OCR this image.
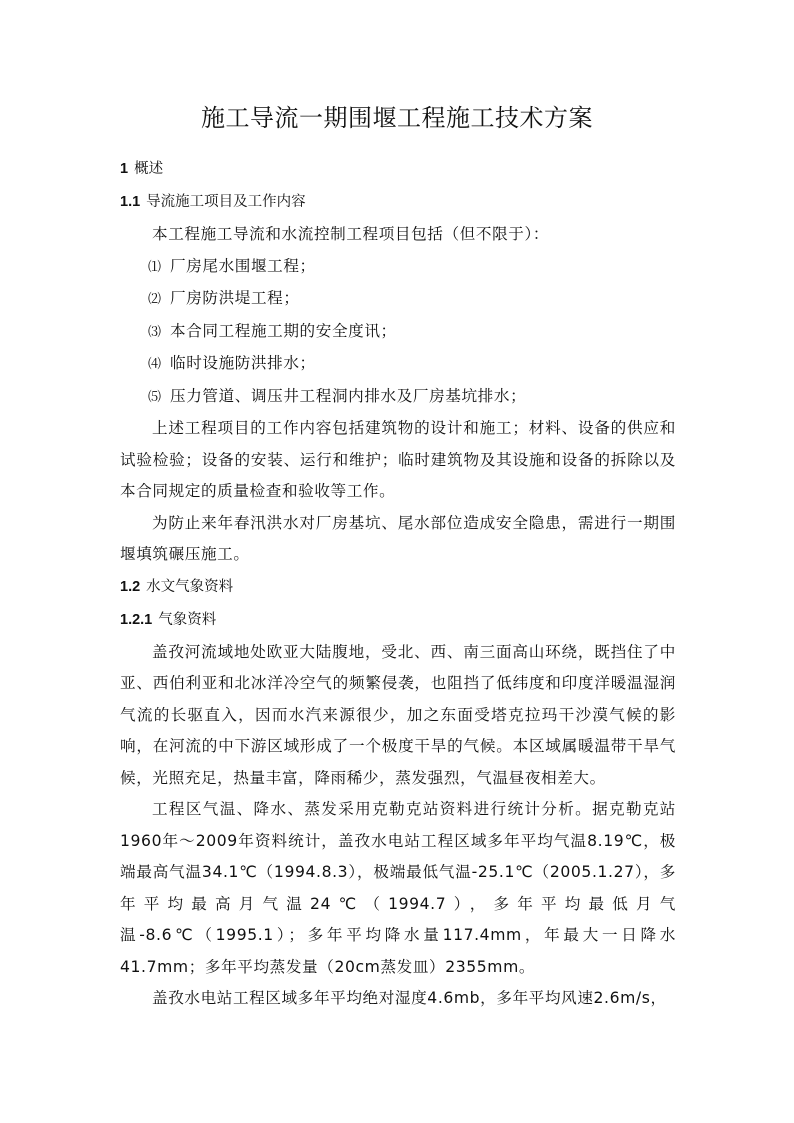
施工导流一期围堰工程施工技术方案
1 概述
1.1 导流施工项目及工作内容

本工程施工导流和水流控制工程项目包括（但不限于）：

⑴ 厂房尾水围堰工程；
⑵ 厂房防洪堤工程；
⑶ 本合同工程施工期的安全度讯；
⑷ 临时设施防洪排水；
⑸ 压力管道、调压井工程洞内排水及厂房基坑排水；

上述工程项目的工作内容包括建筑物的设计和施工；材料、设备的供应和试验检验；设备的安装、运行和维护；临时建筑物及其设施和设备的拆除以及本合同规定的质量检查和验收等工作。

为防止来年春汛洪水对厂房基坑、尾水部位造成安全隐患，需进行一期围堰填筑碾压施工。

1.2 水文气象资料
1.2.1 气象资料

盖孜河流域地处欧亚大陆腹地，受北、西、南三面高山环绕，既挡住了中亚、西伯利亚和北冰洋冷空气的频繁侵袭，也阻挡了低纬度和印度洋暖温湿润气流的长驱直入，因而水汽来源很少，加之东面受塔克拉玛干沙漠气候的影响，在河流的中下游区域形成了一个极度干旱的气候。本区域属暖温带干旱气候，光照充足，热量丰富，降雨稀少，蒸发强烈，气温昼夜相差大。

工程区气温、降水、蒸发采用克勒克站资料进行统计分析。据克勒克站1960年～2009年资料统计，盖孜水电站工程区域多年平均气温8.19℃，极端最高气温34.1℃（1994.8.3），极端最低气温-25.1℃（2005.1.27），多年平均最高月气温24℃（1994.7），多年平均最低月气温-8.6℃（1995.1）；多年平均降水量117.4mm，年最大一日降水41.7mm；多年平均蒸发量（20cm蒸发皿）2355mm。

盖孜水电站工程区域多年平均绝对湿度4.6mb，多年平均风速2.6m/s，
